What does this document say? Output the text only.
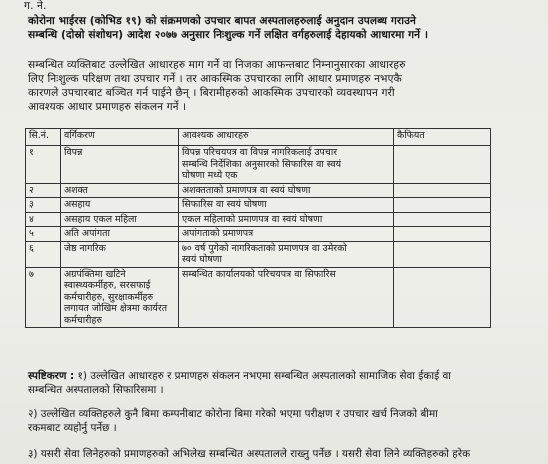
ग. ने.
कोरोना भाईरस (कोभिड १९) को संक्रमणको उपचार बापत अस्पतालहरुलाई अनुदान उपलब्ध गराउने
सम्बन्धि (दोस्रो संशोधन) आदेश २०७७ अनुसार निःशुल्क गर्ने लक्षित वर्गहरुलाई देहायको आधारमा गर्ने ।
सम्बन्धित व्यक्तिबाट उल्लेखित आधारहरु माग गर्ने वा निजका आफन्तबाट निम्नानुसारका आधारहरु
लिए निःशुल्क परिक्षण तथा उपचार गर्ने । तर आकस्मिक उपचारका लागि आधार प्रमाणहरु नभएकै
कारणले उपचारबाट बञ्चित गर्न पाईने छैन् । बिरामीहरुको आकस्मिक उपचारको व्यवस्थापन गरी
आवश्यक आधार प्रमाणहरु संकलन गर्ने ।
सि.नं.	वर्गिकरण	आवश्यक आधारहरु	कैफियत
१	विपन्न	विपन्न परिचयपत्र वा विपन्न नागरिकलाई उपचार
सम्बन्धि निर्देशिका अनुसारको सिफारिस वा स्वयं
घोषणा मध्ये एक	

२	अशक्त	अशक्तताको प्रमाणपत्र वा स्वयं घोषणा	
३	असहाय	सिफारिस वा स्वयं घोषणा	
४	असहाय एकल महिला	एकल महिलाको प्रमाणपत्र वा स्वयं घोषणा	
५	अति अपांगता	अपांगताको प्रमाणपत्र	
६	जेष्ठ नागरिक	७० वर्ष पुगेको नागरिकताको प्रमाणपत्र वा उमेरको
स्वयं घोषणा	

७	अग्रपंक्तिमा खटिने
स्वास्थ्यकर्मीहरु, सरसफाई
कर्मचारीहरु, सुरक्षाकर्मीहरु
लगायत जोखिम क्षेत्रमा कार्यरत
कर्मचारीहरु	सम्बन्धित कार्यालयको परिचयपत्र वा सिफारिस	
स्पष्टिकरण : १) उल्लेखित आधारहरु र प्रमाणहरु संकलन नभएमा सम्बन्धित अस्पतालको सामाजिक सेवा ईकाई वा
सम्बन्धित अस्पतालको सिफारिसमा ।
२) उल्लेखित व्यक्तिहरुले कुनै बिमा कम्पनीबाट कोरोना बिमा गरेको भएमा परीक्षण र उपचार खर्च निजको बीमा
रकमबाट व्यहोर्नु पर्नेछ ।
३) यसरी सेवा लिनेहरुको प्रमाणहरुको अभिलेख सम्बन्धित अस्पतालले राख्नु पर्नेछ । यसरी सेवा लिने व्यक्तिहरुको हरेक
